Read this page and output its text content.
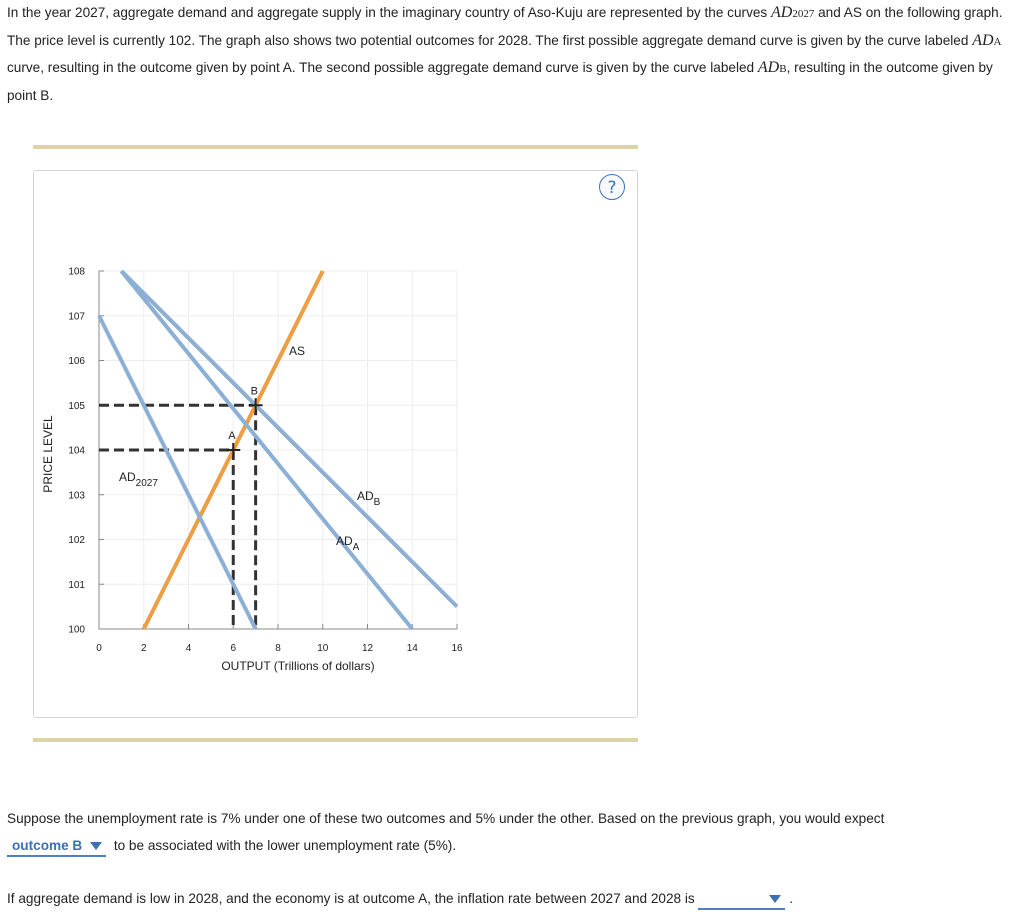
In the year 2027, aggregate demand and aggregate supply in the imaginary country of Aso-Kuju are represented by the curves AD2027 and AS on the following graph. The price level is currently 102. The graph also shows two potential outcomes for 2028. The first possible aggregate demand curve is given by the curve labeled ADA curve, resulting in the outcome given by point A. The second possible aggregate demand curve is given by the curve labeled ADB, resulting in the outcome given by point B.

?
0	2	4	6	8	10	12	14	16
100
101
102
103
104
105
106
107
108
OUTPUT (Trillions of dollars)
PRICE LEVEL
AS
$AD_{2027}$
$AD_A$
$AD_B$
A
B

Suppose the unemployment rate is 7% under one of these two outcomes and 5% under the other. Based on the previous graph, you would expect
outcome B to be associated with the lower unemployment rate (5%).

If aggregate demand is low in 2028, and the economy is at outcome A, the inflation rate between 2027 and 2028 is	.
